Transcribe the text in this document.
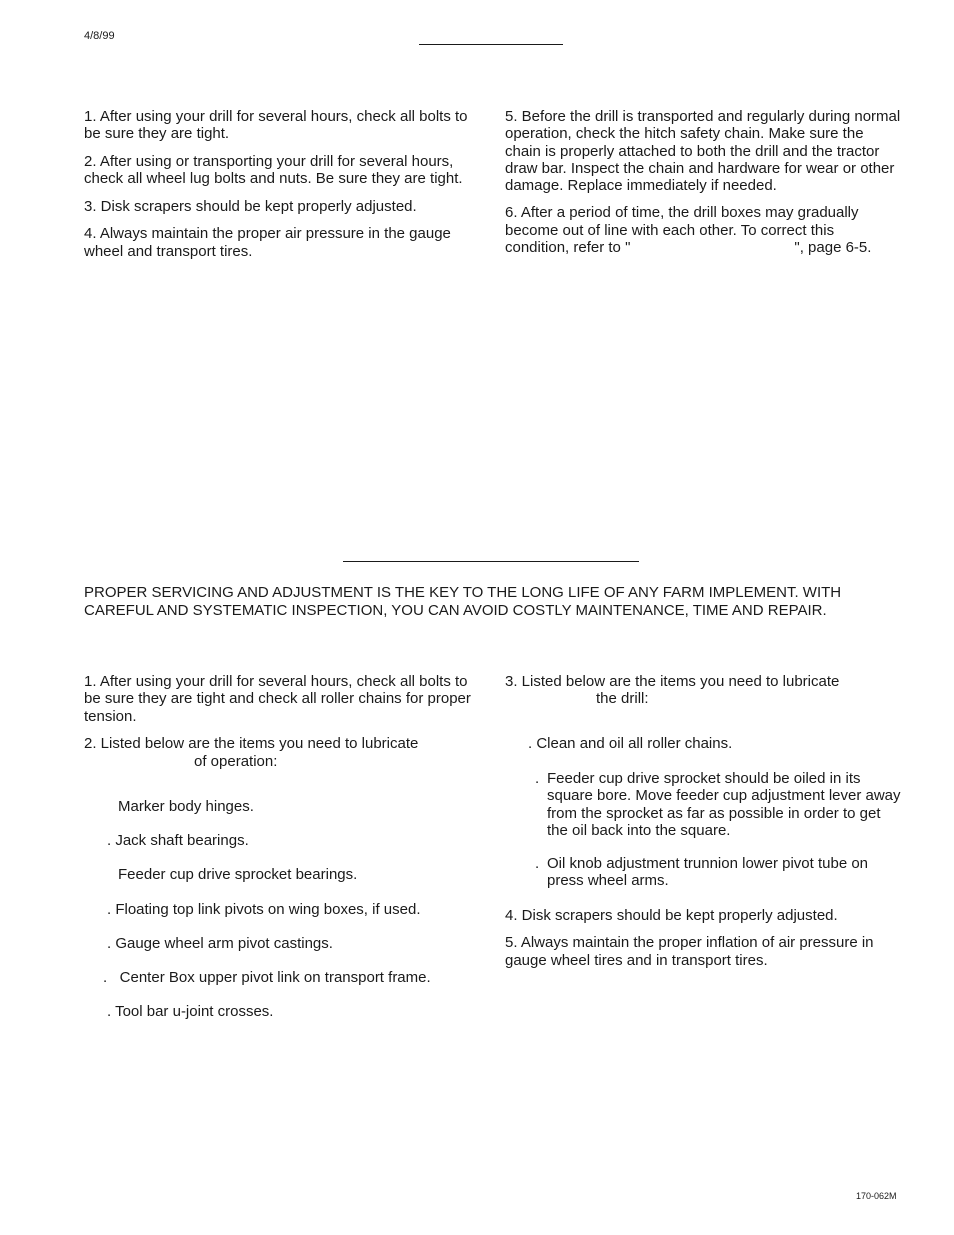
4/8/99

1. After using your drill for several hours, check all bolts to be sure they are tight.

2. After using or transporting your drill for several hours, check all wheel lug bolts and nuts. Be sure they are tight.

3. Disk scrapers should be kept properly adjusted.

4. Always maintain the proper air pressure in the gauge wheel and transport tires.

5. Before the drill is transported and regularly during normal operation, check the hitch safety chain. Make sure the chain is properly attached to both the drill and the tractor draw bar. Inspect the chain and hardware for wear or other damage. Replace immediately if needed.

6. After a period of time, the drill boxes may gradually become out of line with each other. To correct this condition, refer to "	", page 6-5.

PROPER SERVICING AND ADJUSTMENT IS THE KEY TO THE LONG LIFE OF ANY FARM IMPLEMENT. WITH CAREFUL AND SYSTEMATIC INSPECTION, YOU CAN AVOID COSTLY MAINTENANCE, TIME AND REPAIR.

1. After using your drill for several hours, check all bolts to be sure they are tight and check all roller chains for proper tension.

2. Listed below are the items you need to lubricate
of operation:
Marker body hinges.
. Jack shaft bearings.
Feeder cup drive sprocket bearings.
. Floating top link pivots on wing boxes, if used.
. Gauge wheel arm pivot castings.
.   Center Box upper pivot link on transport frame.
. Tool bar u-joint crosses.
3. Listed below are the items you need to lubricate
the drill:
. Clean and oil all roller chains.
. Feeder cup drive sprocket should be oiled in its square bore. Move feeder cup adjustment lever away from the sprocket as far as possible in order to get the oil back into the square.
. Oil knob adjustment trunnion lower pivot tube on press wheel arms.

4. Disk scrapers should be kept properly adjusted.

5. Always maintain the proper inflation of air pressure in gauge wheel tires and in transport tires.

170-062M
